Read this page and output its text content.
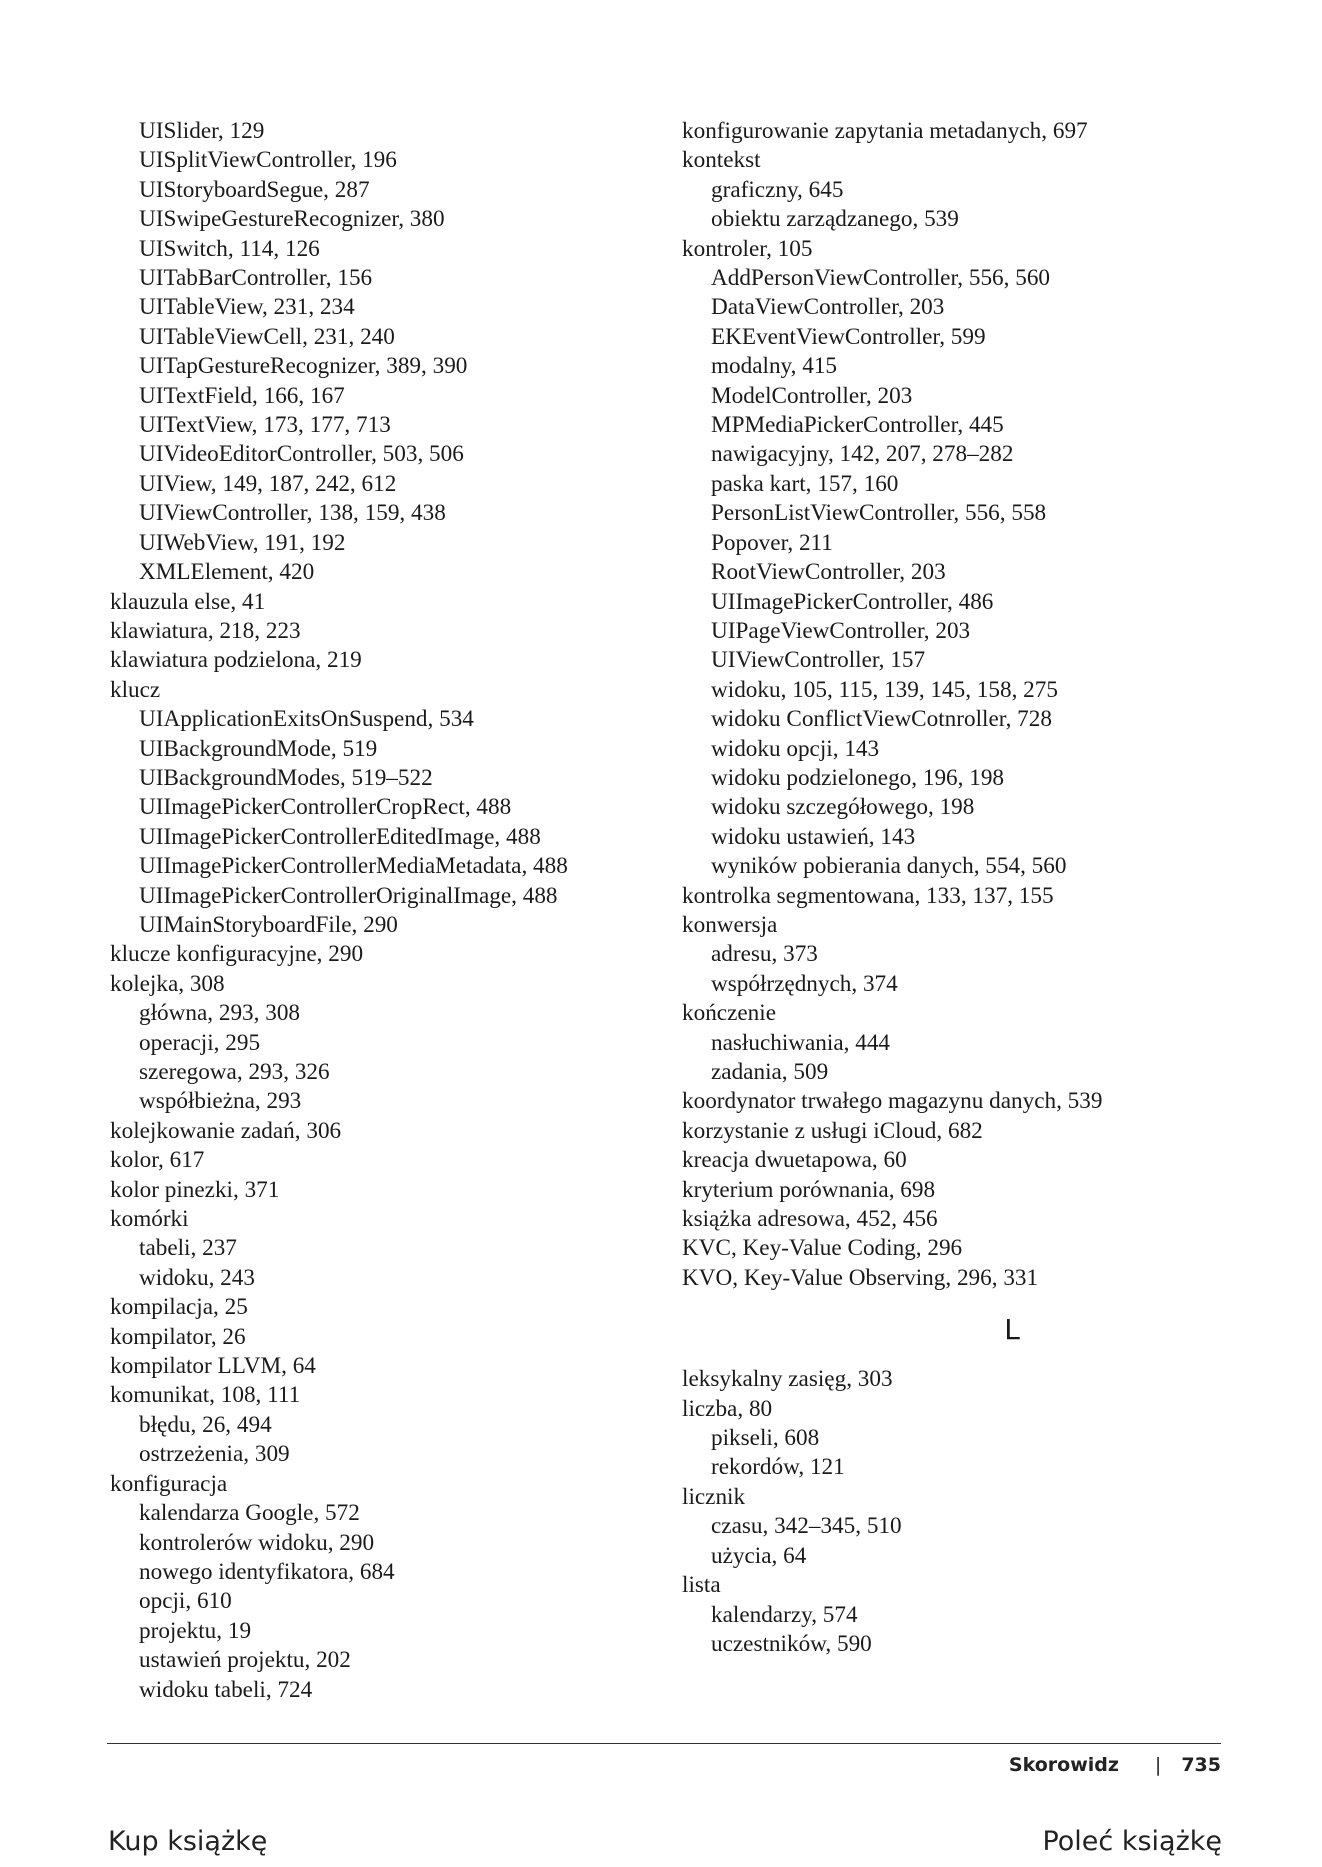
UISlider, 129
UISplitViewController, 196
UIStoryboardSegue, 287
UISwipeGestureRecognizer, 380
UISwitch, 114, 126
UITabBarController, 156
UITableView, 231, 234
UITableViewCell, 231, 240
UITapGestureRecognizer, 389, 390
UITextField, 166, 167
UITextView, 173, 177, 713
UIVideoEditorController, 503, 506
UIView, 149, 187, 242, 612
UIViewController, 138, 159, 438
UIWebView, 191, 192
XMLElement, 420
klauzula else, 41
klawiatura, 218, 223
klawiatura podzielona, 219
klucz
UIApplicationExitsOnSuspend, 534
UIBackgroundMode, 519
UIBackgroundModes, 519–522
UIImagePickerControllerCropRect, 488
UIImagePickerControllerEditedImage, 488
UIImagePickerControllerMediaMetadata, 488
UIImagePickerControllerOriginalImage, 488
UIMainStoryboardFile, 290
klucze konfiguracyjne, 290
kolejka, 308
główna, 293, 308
operacji, 295
szeregowa, 293, 326
współbieżna, 293
kolejkowanie zadań, 306
kolor, 617
kolor pinezki, 371
komórki
tabeli, 237
widoku, 243
kompilacja, 25
kompilator, 26
kompilator LLVM, 64
komunikat, 108, 111
błędu, 26, 494
ostrzeżenia, 309
konfiguracja
kalendarza Google, 572
kontrolerów widoku, 290
nowego identyfikatora, 684
opcji, 610
projektu, 19
ustawień projektu, 202
widoku tabeli, 724
konfigurowanie zapytania metadanych, 697
kontekst
graficzny, 645
obiektu zarządzanego, 539
kontroler, 105
AddPersonViewController, 556, 560
DataViewController, 203
EKEventViewController, 599
modalny, 415
ModelController, 203
MPMediaPickerController, 445
nawigacyjny, 142, 207, 278–282
paska kart, 157, 160
PersonListViewController, 556, 558
Popover, 211
RootViewController, 203
UIImagePickerController, 486
UIPageViewController, 203
UIViewController, 157
widoku, 105, 115, 139, 145, 158, 275
widoku ConflictViewCotnroller, 728
widoku opcji, 143
widoku podzielonego, 196, 198
widoku szczegółowego, 198
widoku ustawień, 143
wyników pobierania danych, 554, 560
kontrolka segmentowana, 133, 137, 155
konwersja
adresu, 373
współrzędnych, 374
kończenie
nasłuchiwania, 444
zadania, 509
koordynator trwałego magazynu danych, 539
korzystanie z usługi iCloud, 682
kreacja dwuetapowa, 60
kryterium porównania, 698
książka adresowa, 452, 456
KVC, Key-Value Coding, 296
KVO, Key-Value Observing, 296, 331
L
leksykalny zasięg, 303
liczba, 80
pikseli, 608
rekordów, 121
licznik
czasu, 342–345, 510
użycia, 64
lista
kalendarzy, 574
uczestników, 590
Skorowidz | 735
Kup książkę	Poleć książkę
